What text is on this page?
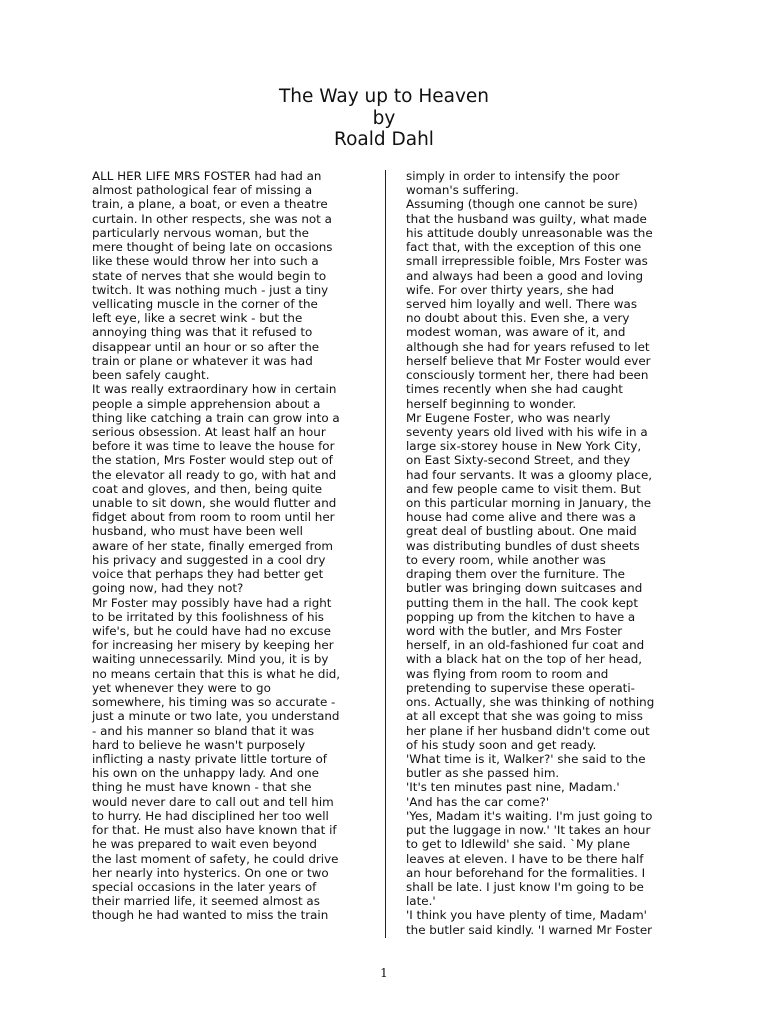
The Way up to Heaven
by
Roald Dahl
ALL HER LIFE MRS FOSTER had had an
almost pathological fear of missing a
train, a plane, a boat, or even a theatre
curtain. In other respects, she was not a
particularly nervous woman, but the
mere thought of being late on occasions
like these would throw her into such a
state of nerves that she would begin to
twitch. It was nothing much - just a tiny
vellicating muscle in the corner of the
left eye, like a secret wink - but the
annoying thing was that it refused to
disappear until an hour or so after the
train or plane or whatever it was had
been safely caught.
It was really extraordinary how in certain
people a simple apprehension about a
thing like catching a train can grow into a
serious obsession. At least half an hour
before it was time to leave the house for
the station, Mrs Foster would step out of
the elevator all ready to go, with hat and
coat and gloves, and then, being quite
unable to sit down, she would flutter and
fidget about from room to room until her
husband, who must have been well
aware of her state, finally emerged from
his privacy and suggested in a cool dry
voice that perhaps they had better get
going now, had they not?
Mr Foster may possibly have had a right
to be irritated by this foolishness of his
wife's, but he could have had no excuse
for increasing her misery by keeping her
waiting unnecessarily. Mind you, it is by
no means certain that this is what he did,
yet whenever they were to go
somewhere, his timing was so accurate -
just a minute or two late, you understand
- and his manner so bland that it was
hard to believe he wasn't purposely
inflicting a nasty private little torture of
his own on the unhappy lady. And one
thing he must have known - that she
would never dare to call out and tell him
to hurry. He had disciplined her too well
for that. He must also have known that if
he was prepared to wait even beyond
the last moment of safety, he could drive
her nearly into hysterics. On one or two
special occasions in the later years of
their married life, it seemed almost as
though he had wanted to miss the train
simply in order to intensify the poor
woman's suffering.
Assuming (though one cannot be sure)
that the husband was guilty, what made
his attitude doubly unreasonable was the
fact that, with the exception of this one
small irrepressible foible, Mrs Foster was
and always had been a good and loving
wife. For over thirty years, she had
served him loyally and well. There was
no doubt about this. Even she, a very
modest woman, was aware of it, and
although she had for years refused to let
herself believe that Mr Foster would ever
consciously torment her, there had been
times recently when she had caught
herself beginning to wonder.
Mr Eugene Foster, who was nearly
seventy years old lived with his wife in a
large six-storey house in New York City,
on East Sixty-second Street, and they
had four servants. It was a gloomy place,
and few people came to visit them. But
on this particular morning in January, the
house had come alive and there was a
great deal of bustling about. One maid
was distributing bundles of dust sheets
to every room, while another was
draping them over the furniture. The
butler was bringing down suitcases and
putting them in the hall. The cook kept
popping up from the kitchen to have a
word with the butler, and Mrs Foster
herself, in an old-fashioned fur coat and
with a black hat on the top of her head,
was flying from room to room and
pretending to supervise these operati-
ons. Actually, she was thinking of nothing
at all except that she was going to miss
her plane if her husband didn't come out
of his study soon and get ready.
'What time is it, Walker?' she said to the
butler as she passed him.
'It's ten minutes past nine, Madam.'
'And has the car come?'
'Yes, Madam it's waiting. I'm just going to
put the luggage in now.' 'It takes an hour
to get to Idlewild' she said. `My plane
leaves at eleven. I have to be there half
an hour beforehand for the formalities. I
shall be late. I just know I'm going to be
late.'
'I think you have plenty of time, Madam'
the butler said kindly. 'I warned Mr Foster
1
